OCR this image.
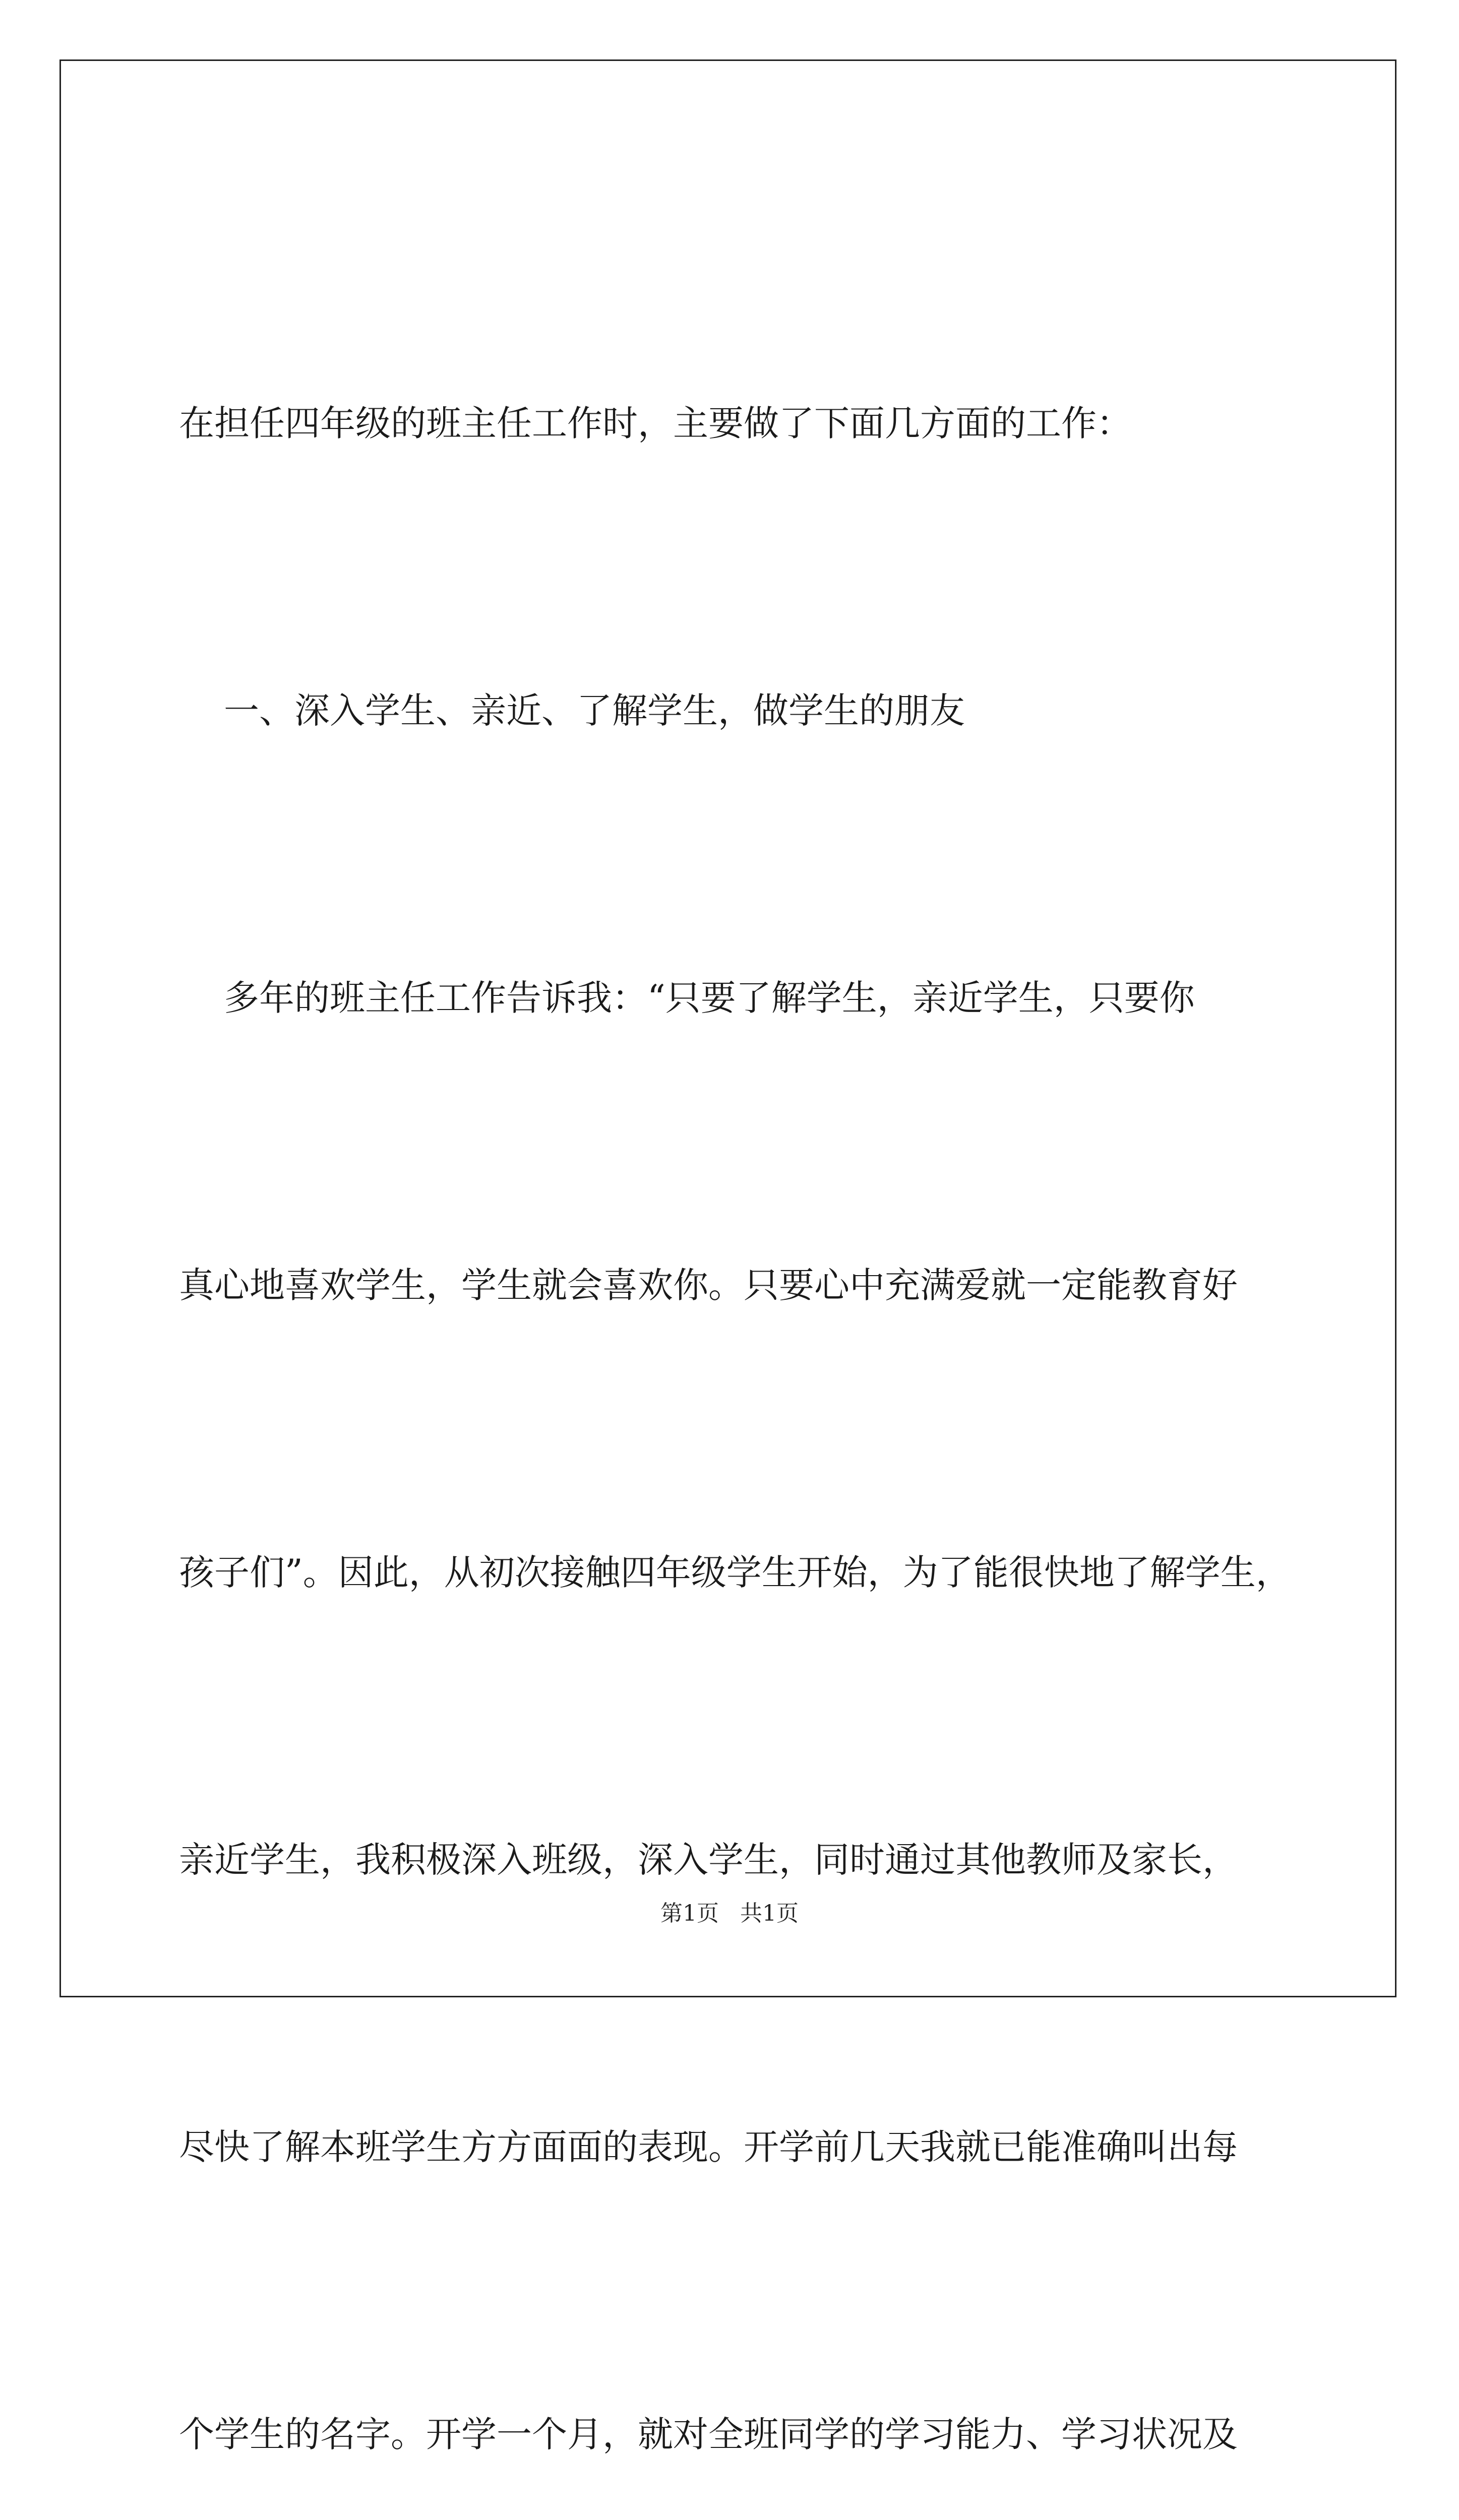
在担任四年级的班主任工作时，主要做了下面几方面的工作：

一、深入学生、亲近、了解学生，做学生的朋友

多年的班主任工作告诉我：“只要了解学生，亲近学生，只要你

真心地喜欢学生，学生就会喜欢你。只要心中充满爱就一定能教育好

孩子们”。因此，从初次接触四年级学生开始，为了能很快地了解学生，

亲近学生，我积极深入班级，深入学生，同时通过其他教师及家长，

尽快了解本班学生方方面面的表现。开学前几天我就已能准确叫出每

个学生的名字。开学一个月，就对全班同学的学习能力、学习状况及

第1页   共1页
